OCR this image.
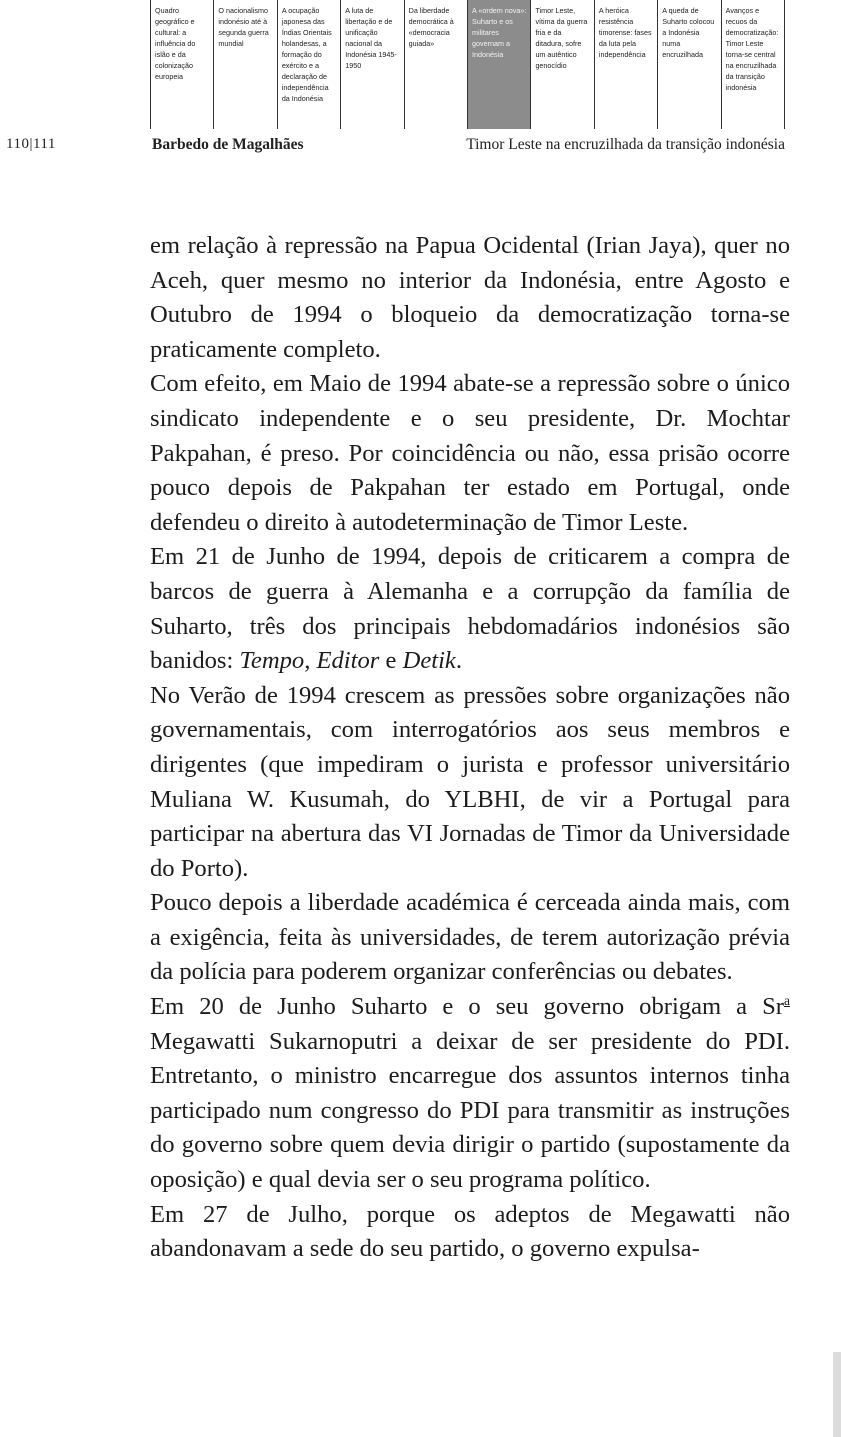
Quadro geográfico e cultural: a influência do islão e da colonização europeia
O nacionalismo indonésio até à segunda guerra mundial
A ocupação japonesa das Índias Orientais holandesas, a formação do exército e a declaração de independência da Indonésia
A luta de libertação e de unificação nacional da Indonésia 1945-1950
Da liberdade democrática à «democracia guiada»
A «ordem nova»: Suharto e os militares governam a Indonésia
Timor Leste, vítima da guerra fria e da ditadura, sofre um autêntico genocídio
A heróica resistência timorense: fases da luta pela independência
A queda de Suharto colocou a Indonésia numa encruzilhada
Avanços e recuos da democratização: Timor Leste torna-se central na encruzilhada da transição indonésia
110|111	Barbedo de Magalhães	Timor Leste na encruzilhada da transição indonésia

em relação à repressão na Papua Ocidental (Irian Jaya), quer no Aceh, quer mesmo no interior da Indonésia, entre Agosto e Outubro de 1994 o bloqueio da democratização torna-se praticamente completo.

Com efeito, em Maio de 1994 abate-se a repressão sobre o único sindicato independente e o seu presidente, Dr. Mochtar Pakpahan, é preso. Por coincidência ou não, essa prisão ocorre pouco depois de Pakpahan ter estado em Portugal, onde defendeu o direito à autodeterminação de Timor Leste.

Em 21 de Junho de 1994, depois de criticarem a compra de barcos de guerra à Alemanha e a corrupção da família de Suharto, três dos principais hebdomadários indonésios são banidos: Tempo, Editor e Detik.

No Verão de 1994 crescem as pressões sobre organizações não governamentais, com interrogatórios aos seus membros e dirigentes (que impediram o jurista e professor universitário Muliana W. Kusumah, do YLBHI, de vir a Portugal para participar na abertura das VI Jornadas de Timor da Universidade do Porto).

Pouco depois a liberdade académica é cerceada ainda mais, com a exigência, feita às universidades, de terem autorização prévia da polícia para poderem organizar conferências ou debates.

Em 20 de Junho Suharto e o seu governo obrigam a Sr$^a$ Megawatti Sukarnoputri a deixar de ser presidente do PDI. Entretanto, o ministro encarregue dos assuntos internos tinha participado num congresso do PDI para transmitir as instruções do governo sobre quem devia dirigir o partido (supostamente da oposição) e qual devia ser o seu programa político.

Em 27 de Julho, porque os adeptos de Megawatti não abandonavam a sede do seu partido, o governo expulsa-
